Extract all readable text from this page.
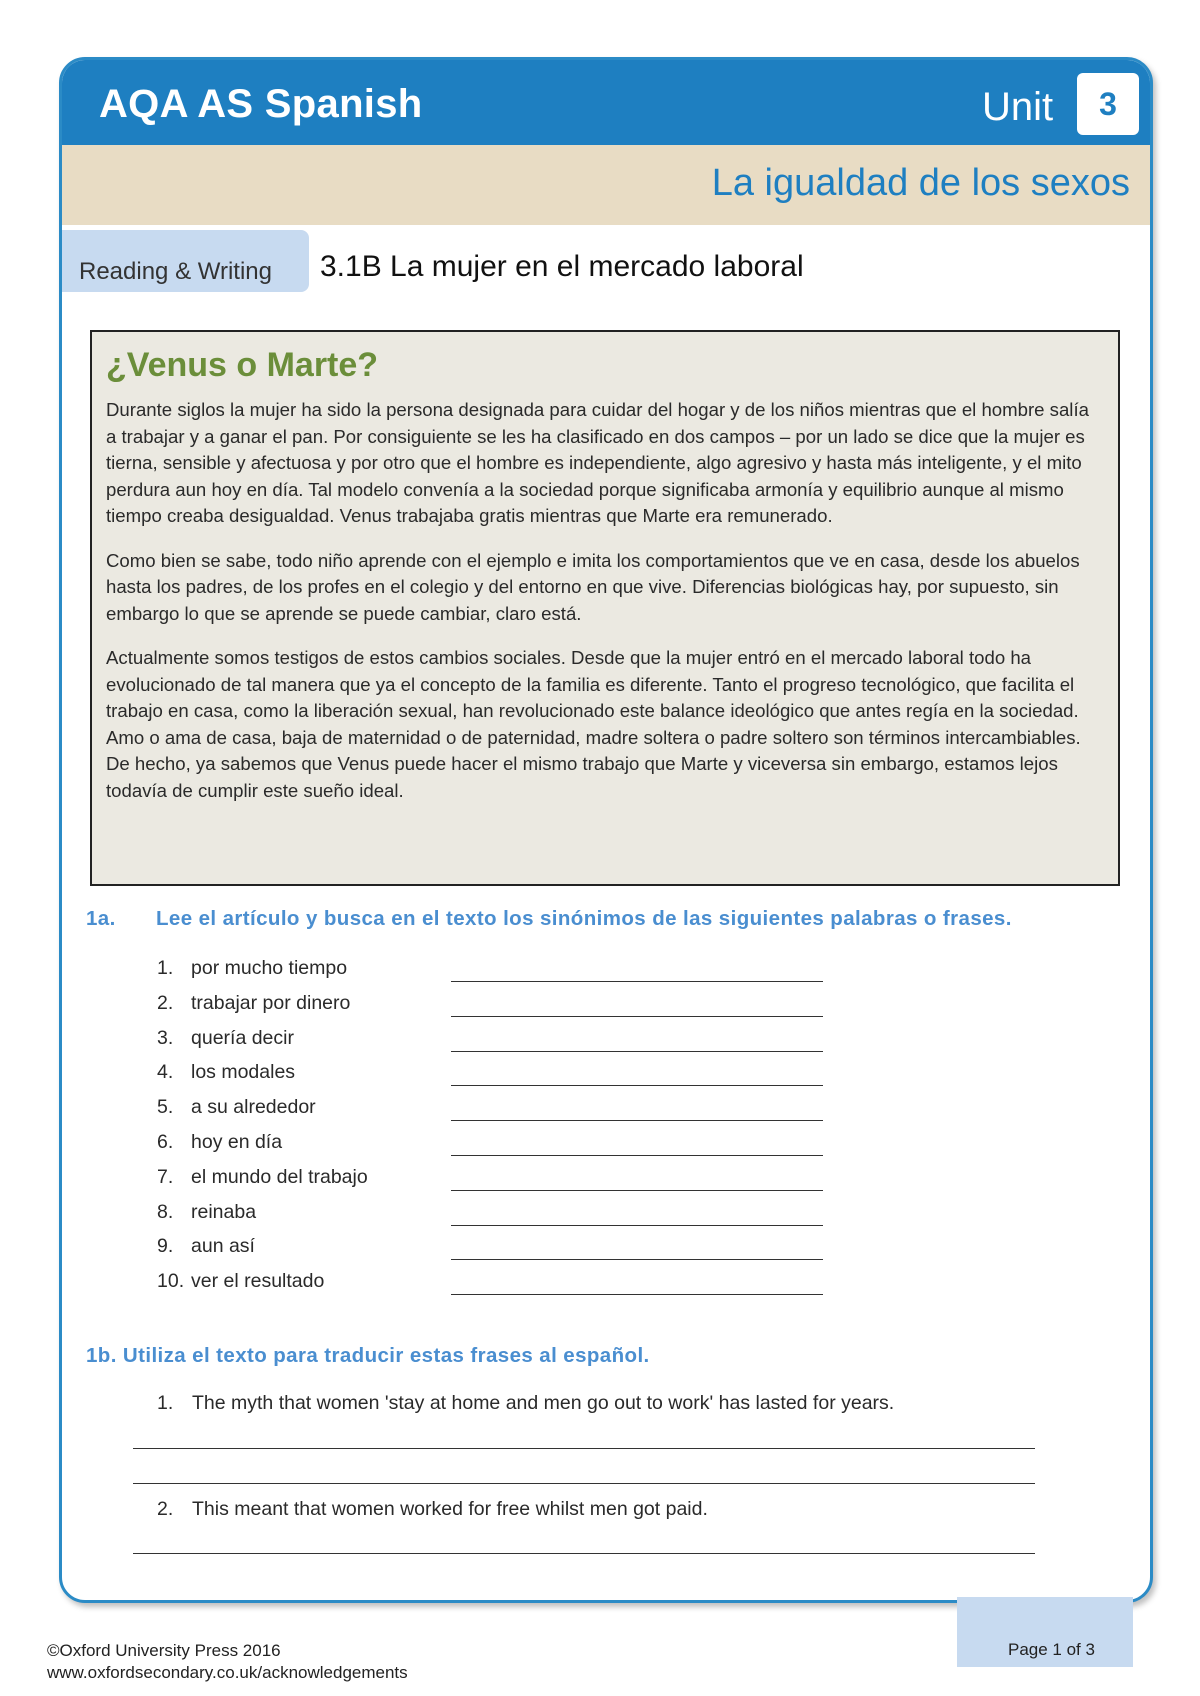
AQA AS Spanish	Unit	3
La igualdad de los sexos
Reading & Writing 3.1B La mujer en el mercado laboral
¿Venus o Marte?

Durante siglos la mujer ha sido la persona designada para cuidar del hogar y de los niños mientras que el hombre salía a trabajar y a ganar el pan. Por consiguiente se les ha clasificado en dos campos – por un lado se dice que la mujer es tierna, sensible y afectuosa y por otro que el hombre es independiente, algo agresivo y hasta más inteligente, y el mito perdura aun hoy en día. Tal modelo convenía a la sociedad porque significaba armonía y equilibrio aunque al mismo tiempo creaba desigualdad. Venus trabajaba gratis mientras que Marte era remunerado.

Como bien se sabe, todo niño aprende con el ejemplo e imita los comportamientos que ve en casa, desde los abuelos hasta los padres, de los profes en el colegio y del entorno en que vive. Diferencias biológicas hay, por supuesto, sin embargo lo que se aprende se puede cambiar, claro está.

Actualmente somos testigos de estos cambios sociales. Desde que la mujer entró en el mercado laboral todo ha evolucionado de tal manera que ya el concepto de la familia es diferente. Tanto el progreso tecnológico, que facilita el trabajo en casa, como la liberación sexual, han revolucionado este balance ideológico que antes regía en la sociedad. Amo o ama de casa, baja de maternidad o de paternidad, madre soltera o padre soltero son términos intercambiables. De hecho, ya sabemos que Venus puede hacer el mismo trabajo que Marte y viceversa sin embargo, estamos lejos todavía de cumplir este sueño ideal.

1a. Lee el artículo y busca en el texto los sinónimos de las siguientes palabras o frases.
1. por mucho tiempo
2. trabajar por dinero
3. quería decir
4. los modales
5. a su alrededor
6. hoy en día
7. el mundo del trabajo
8. reinaba
9. aun así
10. ver el resultado
1b. Utiliza el texto para traducir estas frases al español.
1. The myth that women 'stay at home and men go out to work' has lasted for years.
2. This meant that women worked for free whilst men got paid.
Page 1 of 3
©Oxford University Press 2016
www.oxfordsecondary.co.uk/acknowledgements
